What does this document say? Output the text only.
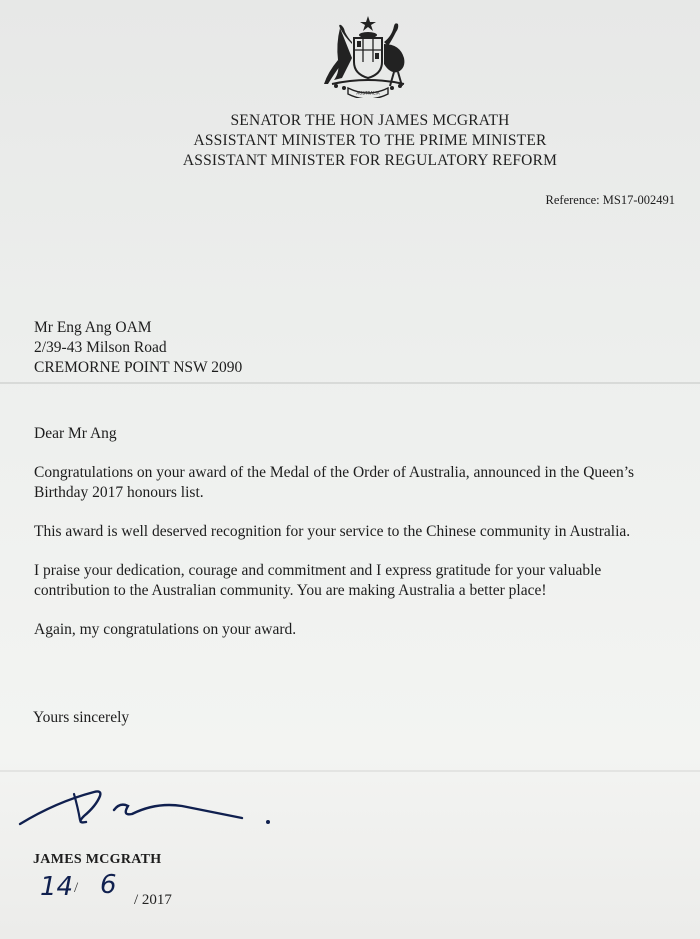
AUSTRALIA
SENATOR THE HON JAMES MCGRATH
ASSISTANT MINISTER TO THE PRIME MINISTER
ASSISTANT MINISTER FOR REGULATORY REFORM
Reference: MS17-002491
Mr Eng Ang OAM
2/39-43 Milson Road
CREMORNE POINT NSW 2090

Dear Mr Ang

Congratulations on your award of the Medal of the Order of Australia, announced in the Queen’s Birthday 2017 honours list.

This award is well deserved recognition for your service to the Chinese community in Australia.

I praise your dedication, courage and commitment and I express gratitude for your valuable contribution to the Australian community. You are making Australia a better place!

Again, my congratulations on your award.

Yours sincerely
JAMES MCGRATH
14 / 6 / 2017
